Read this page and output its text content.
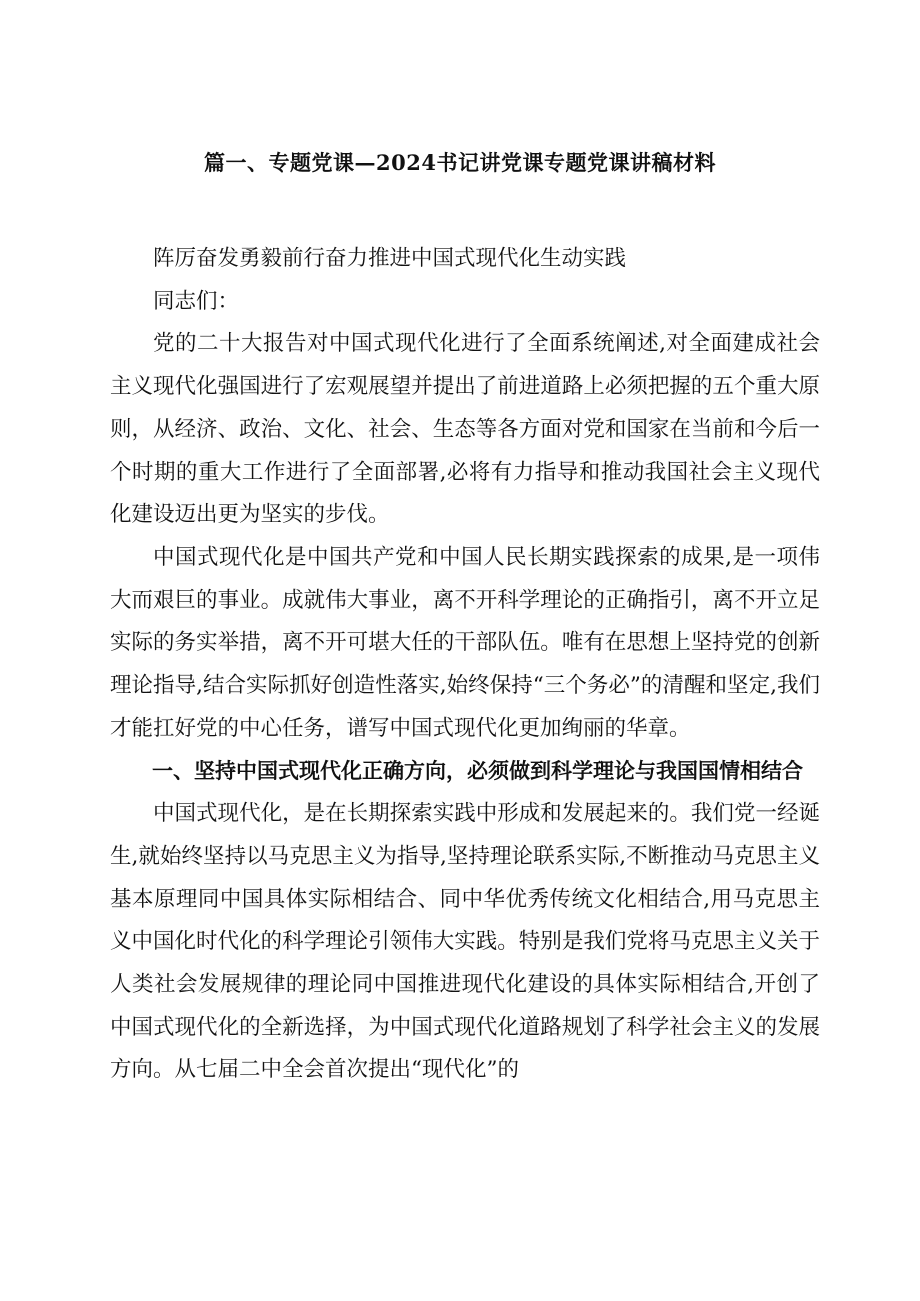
篇一、专题党课—2024书记讲党课专题党课讲稿材料

阵厉奋发勇毅前行奋力推进中国式现代化生动实践

同志们：

党的二十大报告对中国式现代化进行了全面系统阐述,对全面建成社会主义现代化强国进行了宏观展望并提出了前进道路上必须把握的五个重大原则，从经济、政治、文化、社会、生态等各方面对党和国家在当前和今后一个时期的重大工作进行了全面部署,必将有力指导和推动我国社会主义现代化建设迈出更为坚实的步伐。

中国式现代化是中国共产党和中国人民长期实践探索的成果,是一项伟大而艰巨的事业。成就伟大事业，离不开科学理论的正确指引，离不开立足实际的务实举措，离不开可堪大任的干部队伍。唯有在思想上坚持党的创新理论指导,结合实际抓好创造性落实,始终保持“三个务必”的清醒和坚定,我们才能扛好党的中心任务，谱写中国式现代化更加绚丽的华章。

一、坚持中国式现代化正确方向，必须做到科学理论与我国国情相结合

中国式现代化，是在长期探索实践中形成和发展起来的。我们党一经诞生,就始终坚持以马克思主义为指导,坚持理论联系实际,不断推动马克思主义基本原理同中国具体实际相结合、同中华优秀传统文化相结合,用马克思主义中国化时代化的科学理论引领伟大实践。特别是我们党将马克思主义关于人类社会发展规律的理论同中国推进现代化建设的具体实际相结合,开创了中国式现代化的全新选择，为中国式现代化道路规划了科学社会主义的发展方向。从七届二中全会首次提出“现代化”的
